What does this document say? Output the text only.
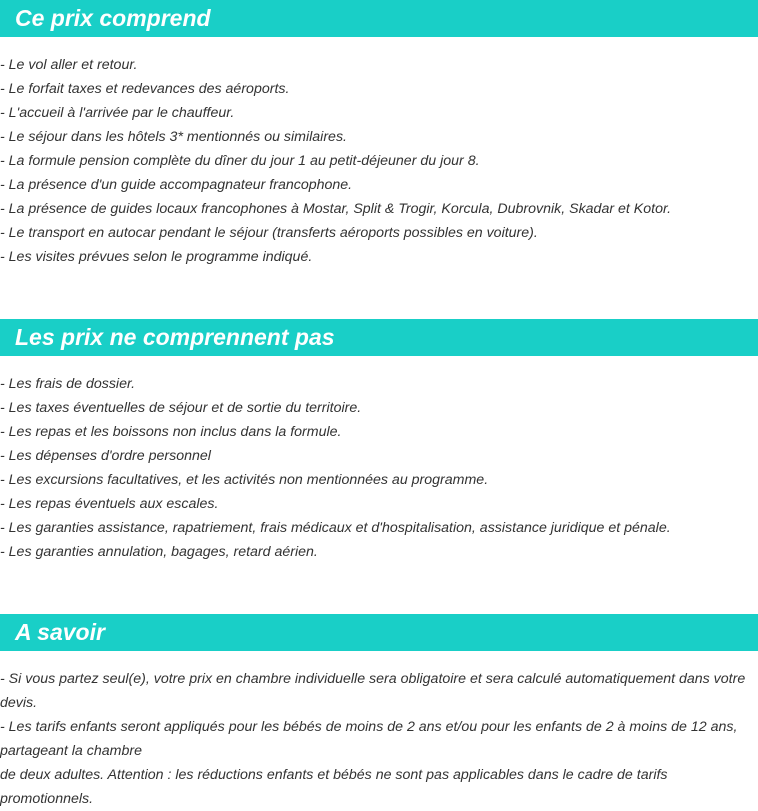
Ce prix comprend
- Le vol aller et retour.
- Le forfait taxes et redevances des aéroports.
- L'accueil à l'arrivée par le chauffeur.
- Le séjour dans les hôtels 3* mentionnés ou similaires.
- La formule pension complète du dîner du jour 1 au petit-déjeuner du jour 8.
- La présence d'un guide accompagnateur francophone.
- La présence de guides locaux francophones à Mostar, Split & Trogir, Korcula, Dubrovnik, Skadar et Kotor.
- Le transport en autocar pendant le séjour (transferts aéroports possibles en voiture).
- Les visites prévues selon le programme indiqué.
Les prix ne comprennent pas
- Les frais de dossier.
- Les taxes éventuelles de séjour et de sortie du territoire.
- Les repas et les boissons non inclus dans la formule.
- Les dépenses d'ordre personnel
- Les excursions facultatives, et les activités non mentionnées au programme.
- Les repas éventuels aux escales.
- Les garanties assistance, rapatriement, frais médicaux et d'hospitalisation, assistance juridique et pénale.
- Les garanties annulation, bagages, retard aérien.
A savoir

- Si vous partez seul(e), votre prix en chambre individuelle sera obligatoire et sera calculé automatiquement dans votre devis.

- Les tarifs enfants seront appliqués pour les bébés de moins de 2 ans et/ou pour les enfants de 2 à moins de 12 ans, partageant la chambre

de deux adultes. Attention : les réductions enfants et bébés ne sont pas applicables dans le cadre de tarifs promotionnels.
